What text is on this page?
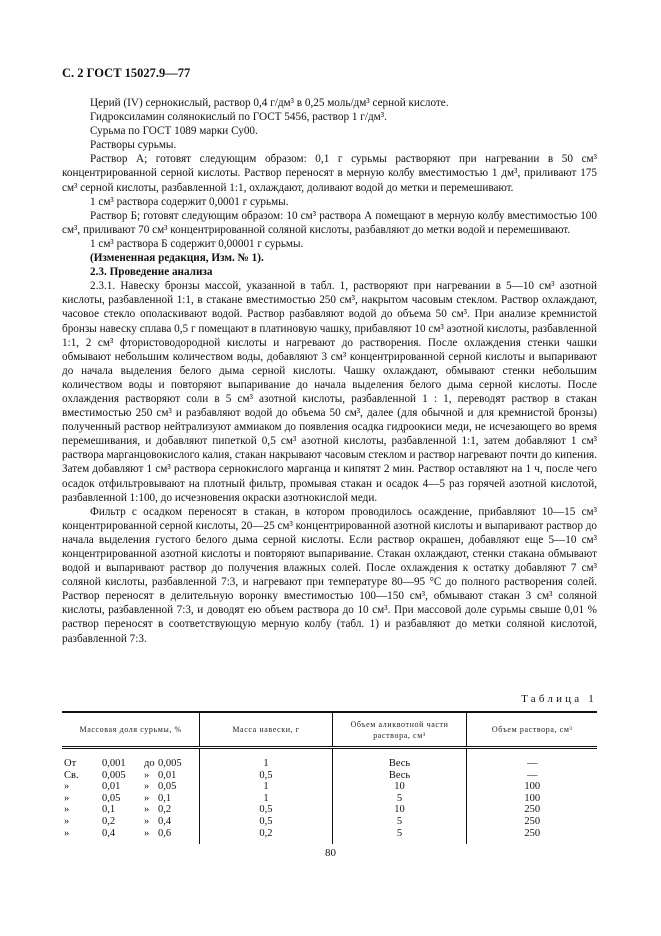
С. 2 ГОСТ 15027.9—77

Церий (IV) сернокислый, раствор 0,4 г/дм³ в 0,25 моль/дм³ серной кислоте.

Гидроксиламин солянокислый по ГОСТ 5456, раствор 1 г/дм³.

Сурьма по ГОСТ 1089 марки Су00.

Растворы сурьмы.

Раствор А; готовят следующим образом: 0,1 г сурьмы растворяют при нагревании в 50 см³ концентрированной серной кислоты. Раствор переносят в мерную колбу вместимостью 1 дм³, приливают 175 см³ серной кислоты, разбавленной 1:1, охлаждают, доливают водой до метки и перемешивают.

1 см³ раствора содержит 0,0001 г сурьмы.

Раствор Б; готовят следующим образом: 10 см³ раствора А помещают в мерную колбу вместимостью 100 см³, приливают 70 см³ концентрированной соляной кислоты, разбавляют до метки водой и перемешивают.

1 см³ раствора Б содержит 0,00001 г сурьмы.

(Измененная редакция, Изм. № 1).

2.3. Проведение анализа

2.3.1. Навеску бронзы массой, указанной в табл. 1, растворяют при нагревании в 5—10 см³ азотной кислоты, разбавленной 1:1, в стакане вместимостью 250 см³, накрытом часовым стеклом. Раствор охлаждают, часовое стекло ополаскивают водой. Раствор разбавляют водой до объема 50 см³. При анализе кремнистой бронзы навеску сплава 0,5 г помещают в платиновую чашку, прибавляют 10 см³ азотной кислоты, разбавленной 1:1, 2 см³ фтористоводородной кислоты и нагревают до растворения. После охлаждения стенки чашки обмывают небольшим количеством воды, добавляют 3 см³ концентрированной серной кислоты и выпаривают до начала выделения белого дыма серной кислоты. Чашку охлаждают, обмывают стенки небольшим количеством воды и повторяют выпаривание до начала выделения белого дыма серной кислоты. После охлаждения растворяют соли в 5 см³ азотной кислоты, разбавленной 1 : 1, переводят раствор в стакан вместимостью 250 см³ и разбавляют водой до объема 50 см³, далее (для обычной и для кремнистой бронзы) полученный раствор нейтрализуют аммиаком до появления осадка гидроокиси меди, не исчезающего во время перемешивания, и добавляют пипеткой 0,5 см³ азотной кислоты, разбавленной 1:1, затем добавляют 1 см³ раствора марганцовокислого калия, стакан накрывают часовым стеклом и раствор нагревают почти до кипения. Затем добавляют 1 см³ раствора сернокислого марганца и кипятят 2 мин. Раствор оставляют на 1 ч, после чего осадок отфильтровывают на плотный фильтр, промывая стакан и осадок 4—5 раз горячей азотной кислотой, разбавленной 1:100, до исчезновения окраски азотнокислой меди.

Фильтр с осадком переносят в стакан, в котором проводилось осаждение, прибавляют 10—15 см³ концентрированной серной кислоты, 20—25 см³ концентрированной азотной кислоты и выпаривают раствор до начала выделения густого белого дыма серной кислоты. Если раствор окрашен, добавляют еще 5—10 см³ концентрированной азотной кислоты и повторяют выпаривание. Стакан охлаждают, стенки стакана обмывают водой и выпаривают раствор до получения влажных солей. После охлаждения к остатку добавляют 7 см³ соляной кислоты, разбавленной 7:3, и нагревают при температуре 80—95 °С до полного растворения солей. Раствор переносят в делительную воронку вместимостью 100—150 см³, обмывают стакан 3 см³ соляной кислоты, разбавленной 7:3, и доводят ею объем раствора до 10 см³. При массовой доле сурьмы свыше 0,01 % раствор переносят в соответствующую мерную колбу (табл. 1) и разбавляют до метки соляной кислотой, разбавленной 7:3.

Таблица 1
Массовая доля сурьмы, %	Масса навески, г	Объем аликвотной части раствора, см³	Объем раствора, см³
От 0,001 до 0,005	1	Весь	—
Св. 0,005 » 0,01	0,5	Весь	—
» 0,01 » 0,05	1	10	100
» 0,05 » 0,1	1	5	100
» 0,1 » 0,2	0,5	10	250
» 0,2 » 0,4	0,5	5	250
» 0,4 » 0,6	0,2	5	250
80
